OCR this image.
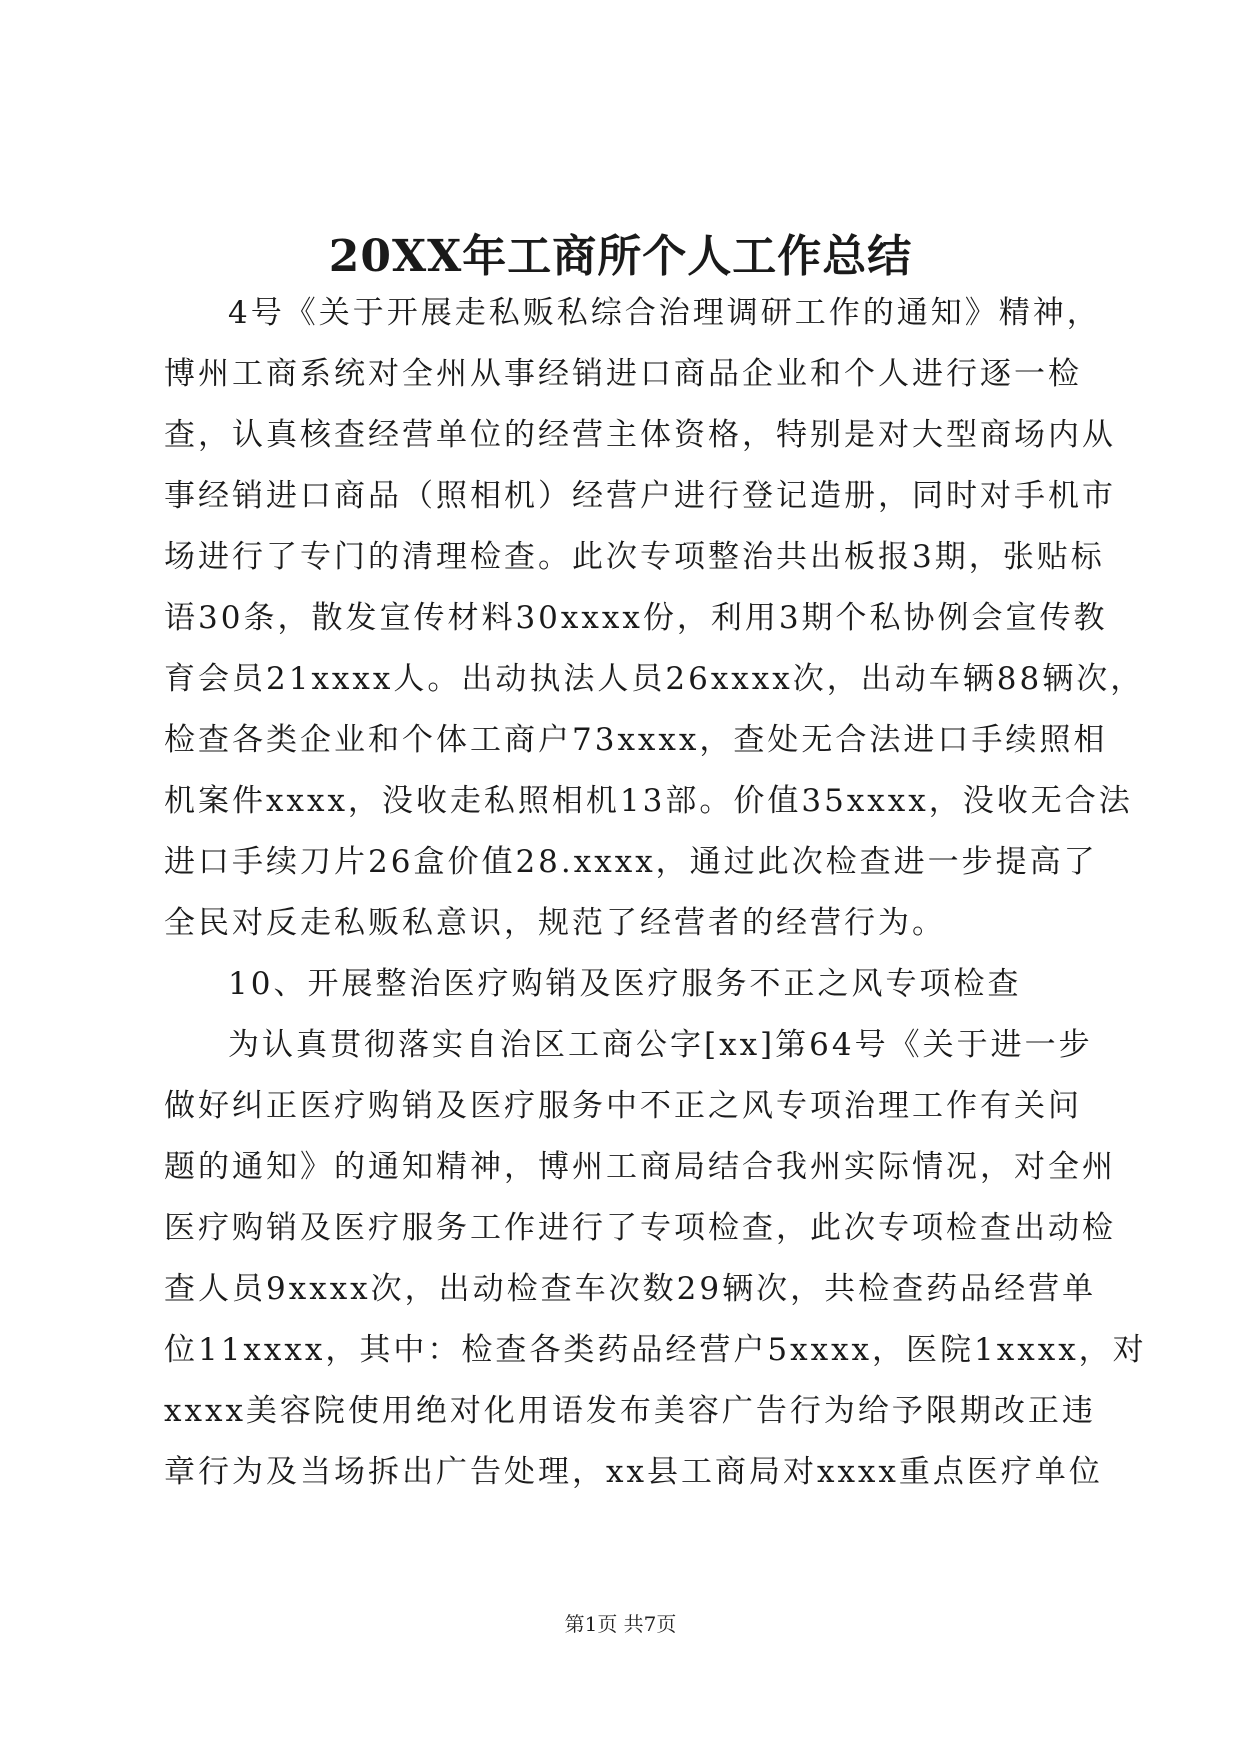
20XX年工商所个人工作总结
4号《关于开展走私贩私综合治理调研工作的通知》精神，
博州工商系统对全州从事经销进口商品企业和个人进行逐一检
查，认真核查经营单位的经营主体资格，特别是对大型商场内从
事经销进口商品（照相机）经营户进行登记造册，同时对手机市
场进行了专门的清理检查。此次专项整治共出板报3期，张贴标
语30条，散发宣传材料30xxxx份，利用3期个私协例会宣传教
育会员21xxxx人。出动执法人员26xxxx次，出动车辆88辆次，
检查各类企业和个体工商户73xxxx，查处无合法进口手续照相
机案件xxxx，没收走私照相机13部。价值35xxxx，没收无合法
进口手续刀片26盒价值28.xxxx，通过此次检查进一步提高了
全民对反走私贩私意识，规范了经营者的经营行为。
10、开展整治医疗购销及医疗服务不正之风专项检查
为认真贯彻落实自治区工商公字[xx]第64号《关于进一步
做好纠正医疗购销及医疗服务中不正之风专项治理工作有关问
题的通知》的通知精神，博州工商局结合我州实际情况，对全州
医疗购销及医疗服务工作进行了专项检查，此次专项检查出动检
查人员9xxxx次，出动检查车次数29辆次，共检查药品经营单
位11xxxx，其中：检查各类药品经营户5xxxx，医院1xxxx，对
xxxx美容院使用绝对化用语发布美容广告行为给予限期改正违
章行为及当场拆出广告处理，xx县工商局对xxxx重点医疗单位
第1页 共7页
